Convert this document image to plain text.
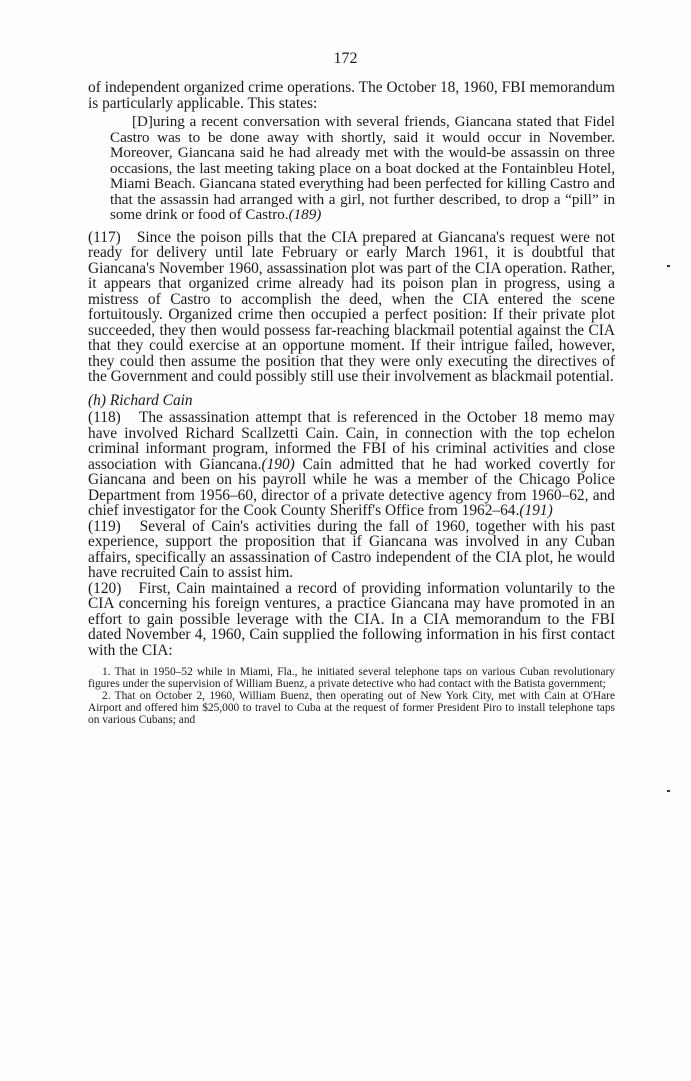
172

of independent organized crime operations. The October 18, 1960, FBI memorandum is particularly applicable. This states:

[D]uring a recent conversation with several friends, Giancana stated that Fidel Castro was to be done away with shortly, said it would occur in November. Moreover, Giancana said he had already met with the would-be assassin on three occasions, the last meeting taking place on a boat docked at the Fontainbleu Hotel, Miami Beach. Giancana stated everything had been perfected for killing Castro and that the assassin had arranged with a girl, not further described, to drop a “pill” in some drink or food of Castro.(189)

(117) Since the poison pills that the CIA prepared at Giancana's request were not ready for delivery until late February or early March 1961, it is doubtful that Giancana's November 1960, assassination plot was part of the CIA operation. Rather, it appears that organized crime already had its poison plan in progress, using a mistress of Castro to accomplish the deed, when the CIA entered the scene fortuitously. Organized crime then occupied a perfect position: If their private plot succeeded, they then would possess far-reaching blackmail potential against the CIA that they could exercise at an opportune moment. If their intrigue failed, however, they could then assume the position that they were only executing the directives of the Government and could possibly still use their involvement as blackmail potential.

(h) Richard Cain

(118) The assassination attempt that is referenced in the October 18 memo may have involved Richard Scallzetti Cain. Cain, in connection with the top echelon criminal informant program, informed the FBI of his criminal activities and close association with Giancana.(190) Cain admitted that he had worked covertly for Giancana and been on his payroll while he was a member of the Chicago Police Department from 1956–60, director of a private detective agency from 1960–62, and chief investigator for the Cook County Sheriff's Office from 1962–64.(191)

(119) Several of Cain's activities during the fall of 1960, together with his past experience, support the proposition that if Giancana was involved in any Cuban affairs, specifically an assassination of Castro independent of the CIA plot, he would have recruited Cain to assist him.

(120) First, Cain maintained a record of providing information voluntarily to the CIA concerning his foreign ventures, a practice Giancana may have promoted in an effort to gain possible leverage with the CIA. In a CIA memorandum to the FBI dated November 4, 1960, Cain supplied the following information in his first contact with the CIA:

1. That in 1950–52 while in Miami, Fla., he initiated several telephone taps on various Cuban revolutionary figures under the supervision of William Buenz, a private detective who had contact with the Batista government;

2. That on October 2, 1960, William Buenz, then operating out of New York City, met with Cain at O'Hare Airport and offered him $25,000 to travel to Cuba at the request of former President Piro to install telephone taps on various Cubans; and
